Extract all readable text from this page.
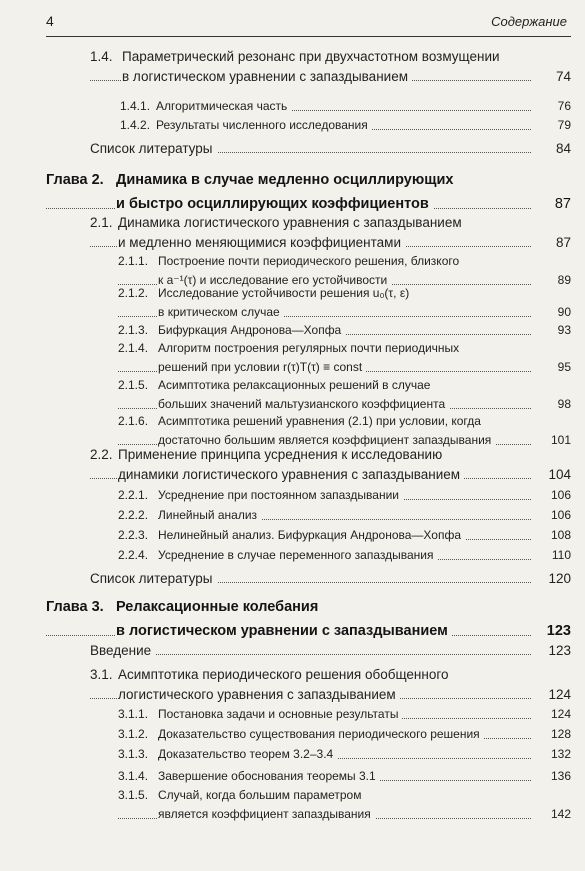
4	Содержание
1.4. Параметрический резонанс при двухчастотном возмущении
в логистическом уравнении с запаздыванием	74
1.4.1. Алгоритмическая часть	76
1.4.2. Результаты численного исследования	79
Список литературы	84
Глава 2. Динамика в случае медленно осциллирующих
и быстро осциллирующих коэффициентов	87
2.1. Динамика логистического уравнения с запаздыванием
и медленно меняющимися коэффициентами	87
2.1.1. Построение почти периодического решения, близкого
к a⁻¹(τ) и исследование его устойчивости	89
2.1.2. Исследование устойчивости решения u₀(τ, ε)
в критическом случае	90
2.1.3. Бифуркация Андронова—Хопфа	93
2.1.4. Алгоритм построения регулярных почти периодичных
решений при условии r(τ)T(τ) ≡ const	95
2.1.5. Асимптотика релаксационных решений в случае
больших значений мальтузианского коэффициента	98
2.1.6. Асимптотика решений уравнения (2.1) при условии, когда
достаточно большим является коэффициент запаздывания	101
2.2. Применение принципа усреднения к исследованию
динамики логистического уравнения с запаздыванием	104
2.2.1. Усреднение при постоянном запаздывании	106
2.2.2. Линейный анализ	106
2.2.3. Нелинейный анализ. Бифуркация Андронова—Хопфа	108
2.2.4. Усреднение в случае переменного запаздывания	110
Список литературы	120
Глава 3. Релаксационные колебания
в логистическом уравнении с запаздыванием	123
Введение	123
3.1. Асимптотика периодического решения обобщенного
логистического уравнения с запаздыванием	124
3.1.1. Постановка задачи и основные результаты	124
3.1.2. Доказательство существования периодического решения	128
3.1.3. Доказательство теорем 3.2–3.4	132
3.1.4. Завершение обоснования теоремы 3.1	136
3.1.5. Случай, когда большим параметром
является коэффициент запаздывания	142
